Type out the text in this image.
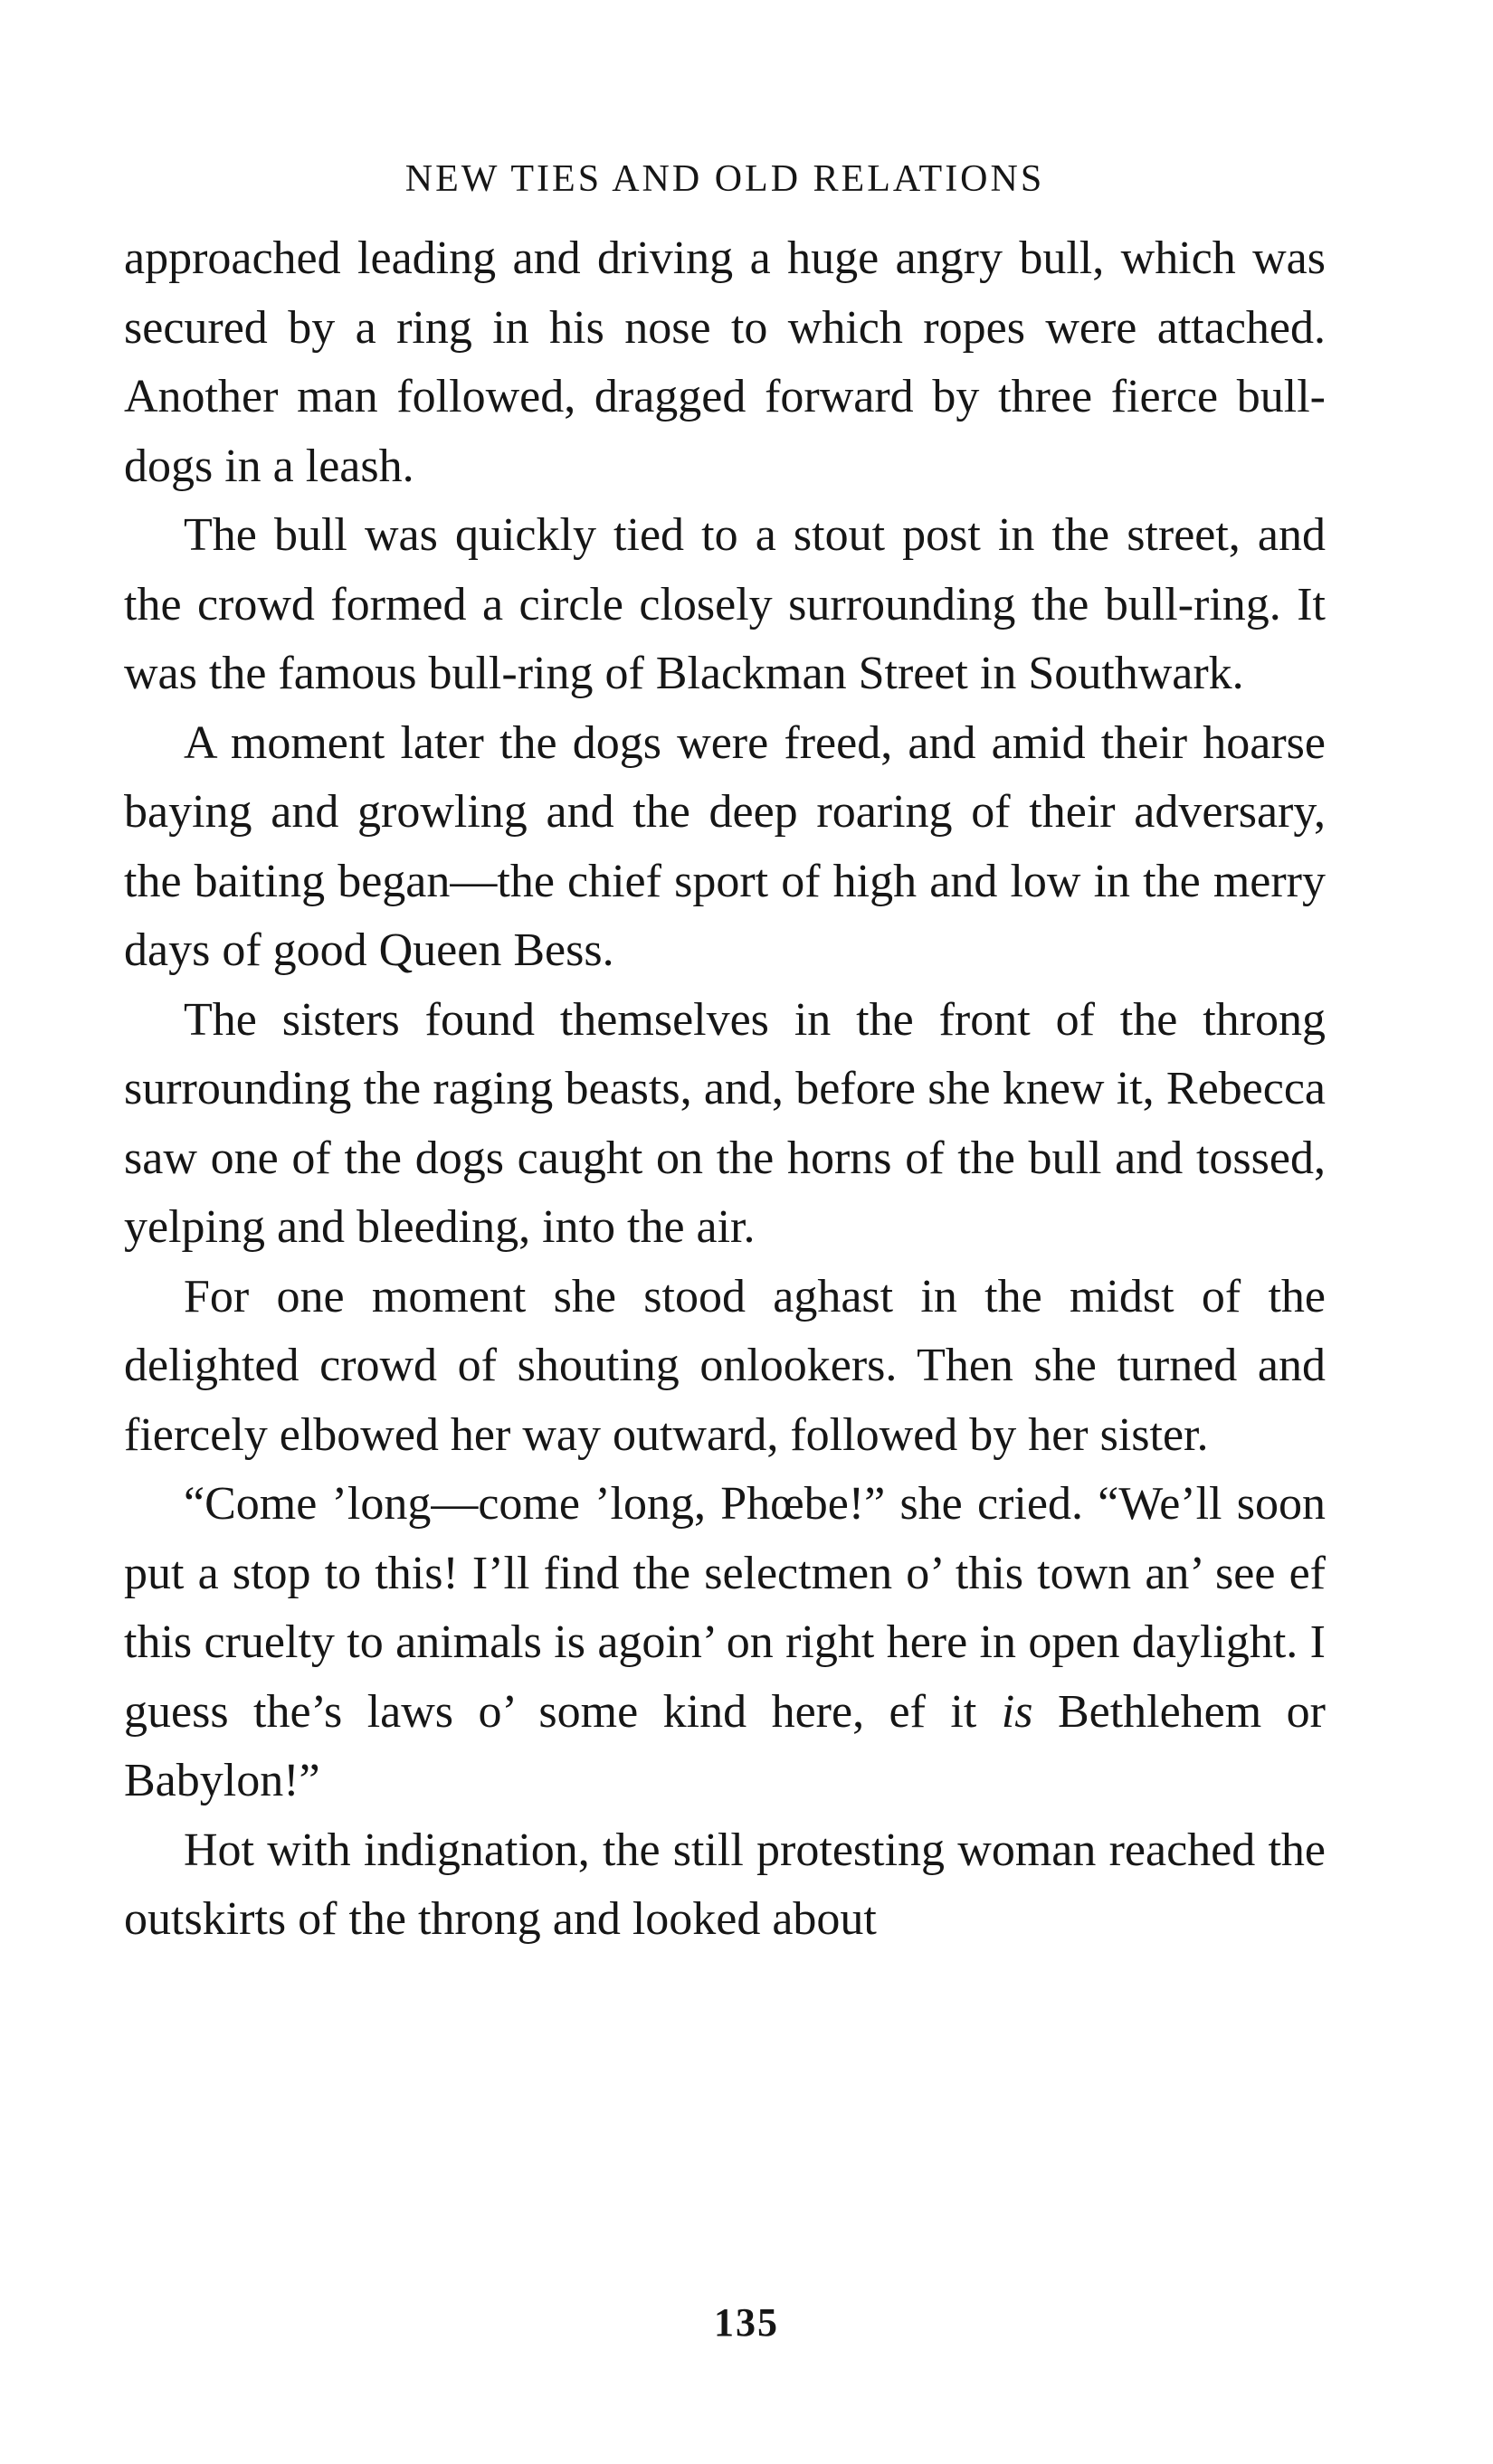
NEW TIES AND OLD RELATIONS

approached leading and driving a huge angry bull, which was secured by a ring in his nose to which ropes were attached. Another man followed, dragged forward by three fierce bull-dogs in a leash.

The bull was quickly tied to a stout post in the street, and the crowd formed a circle closely surrounding the bull-ring. It was the famous bull-ring of Blackman Street in Southwark.

A moment later the dogs were freed, and amid their hoarse baying and growling and the deep roaring of their adversary, the baiting began—the chief sport of high and low in the merry days of good Queen Bess.

The sisters found themselves in the front of the throng surrounding the raging beasts, and, before she knew it, Rebecca saw one of the dogs caught on the horns of the bull and tossed, yelping and bleeding, into the air.

For one moment she stood aghast in the midst of the delighted crowd of shouting onlookers. Then she turned and fiercely elbowed her way outward, followed by her sister.

“Come ’long—come ’long, Phœbe!” she cried. “We’ll soon put a stop to this! I’ll find the selectmen o’ this town an’ see ef this cruelty to animals is agoin’ on right here in open daylight. I guess the’s laws o’ some kind here, ef it is Bethlehem or Babylon!”

Hot with indignation, the still protesting woman reached the outskirts of the throng and looked about

135
